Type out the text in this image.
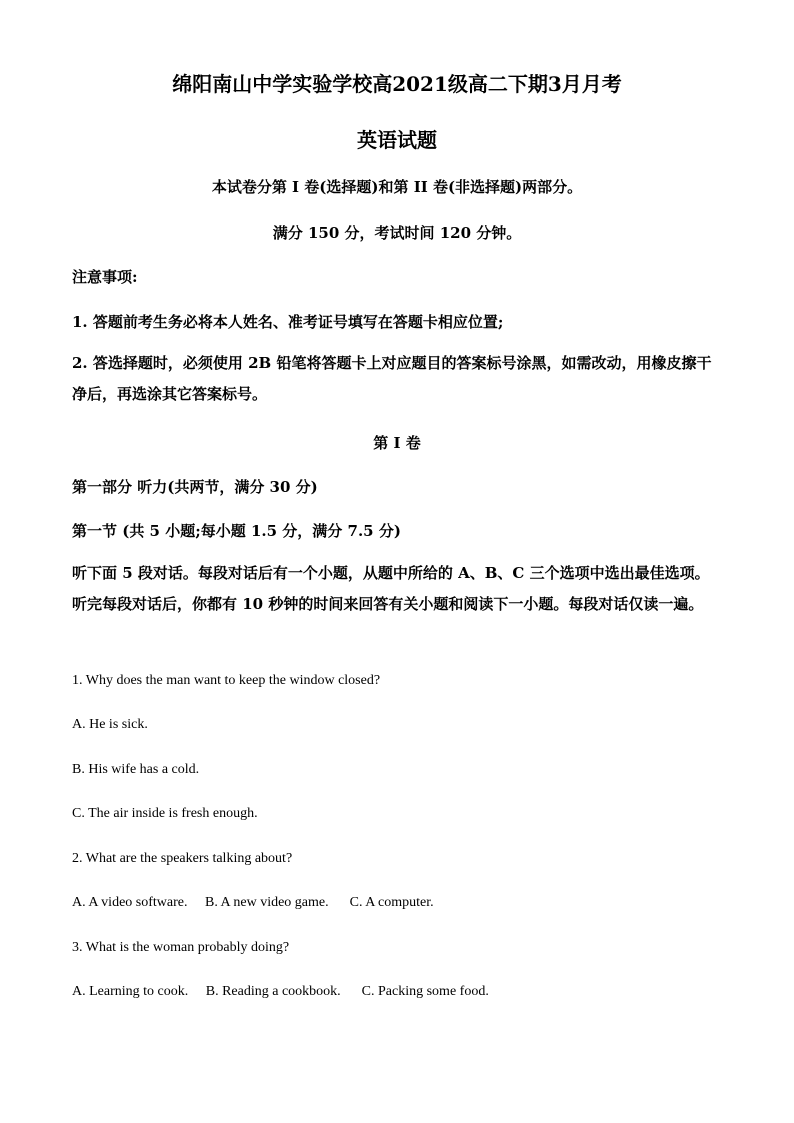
绵阳南山中学实验学校高2021级高二下期3月月考
英语试题
本试卷分第 I 卷(选择题)和第 II 卷(非选择题)两部分。
满分 150 分，考试时间 120 分钟。
注意事项:
1. 答题前考生务必将本人姓名、准考证号填写在答题卡相应位置;
2. 答选择题时，必须使用 2B 铅笔将答题卡上对应题目的答案标号涂黑，如需改动，用橡皮擦干净后，再选涂其它答案标号。
第 I 卷
第一部分 听力(共两节，满分 30 分)
第一节 (共 5 小题;每小题 1.5 分，满分 7.5 分)
听下面 5 段对话。每段对话后有一个小题，从题中所给的 A、B、C 三个选项中选出最佳选项。听完每段对话后，你都有 10 秒钟的时间来回答有关小题和阅读下一小题。每段对话仅读一遍。
1. Why does the man want to keep the window closed?
A. He is sick.
B. His wife has a cold.
C. The air inside is fresh enough.
2. What are the speakers talking about?
A. A video software.     B. A new video game.      C. A computer.
3. What is the woman probably doing?
A. Learning to cook.     B. Reading a cookbook.      C. Packing some food.
